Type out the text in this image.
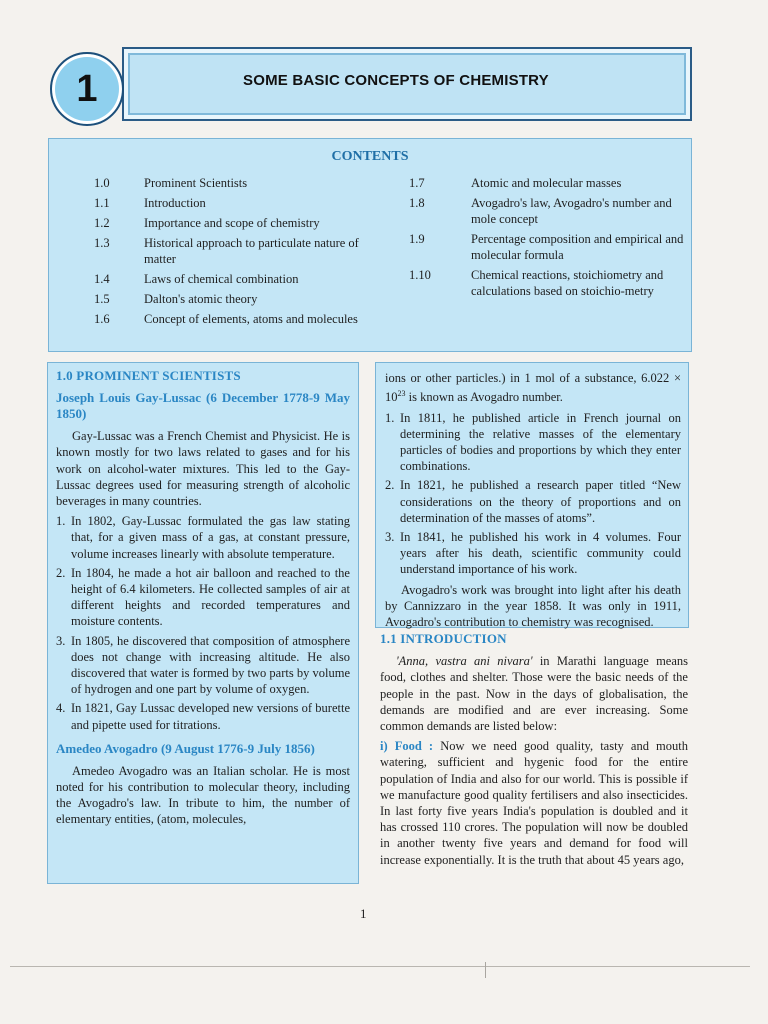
1	SOME BASIC CONCEPTS OF CHEMISTRY
CONTENTS
1.0	Prominent Scientists
1.1	Introduction
1.2	Importance and scope of chemistry
1.3	Historical approach to particulate nature of matter
1.4	Laws of chemical combination
1.5	Dalton's atomic theory
1.6	Concept of elements, atoms and molecules
1.7	Atomic and molecular masses
1.8	Avogadro's law, Avogadro's number and mole concept
1.9	Percentage composition and empirical and molecular formula
1.10	Chemical reactions, stoichiometry and calculations based on stoichio-metry
1.0 PROMINENT SCIENTISTS
Joseph Louis Gay-Lussac (6 December 1778-9 May 1850)

Gay-Lussac was a French Chemist and Physicist. He is known mostly for two laws related to gases and for his work on alcohol-water mixtures. This led to the Gay-Lussac degrees used for measuring strength of alcoholic beverages in many countries.

1. In 1802, Gay-Lussac formulated the gas law stating that, for a given mass of a gas, at constant pressure, volume increases linearly with absolute temperature.
2. In 1804, he made a hot air balloon and reached to the height of 6.4 kilometers. He collected samples of air at different heights and recorded temperatures and moisture contents.
3. In 1805, he discovered that composition of atmosphere does not change with increasing altitude. He also discovered that water is formed by two parts by volume of hydrogen and one part by volume of oxygen.
4. In 1821, Gay Lussac developed new versions of burette and pipette used for titrations.
Amedeo Avogadro (9 August 1776-9 July 1856)

Amedeo Avogadro was an Italian scholar. He is most noted for his contribution to molecular theory, including the Avogadro's law. In tribute to him, the number of elementary entities, (atom, molecules,

ions or other particles.) in 1 mol of a substance, $6.022 \times 10^{23}$ is known as Avogadro number.

1. In 1811, he published article in French journal on determining the relative masses of the elementary particles of bodies and proportions by which they enter combinations.
2. In 1821, he published a research paper titled “New considerations on the theory of proportions and on determination of the masses of atoms”.
3. In 1841, he published his work in 4 volumes. Four years after his death, scientific community could understand importance of his work.

Avogadro's work was brought into light after his death by Cannizzaro in the year 1858. It was only in 1911, Avogadro's contribution to chemistry was recognised.

1.1 INTRODUCTION

'Anna, vastra ani nivara' in Marathi language means food, clothes and shelter. Those were the basic needs of the people in the past. Now in the days of globalisation, the demands are modified and are ever increasing. Some common demands are listed below:

i) Food : Now we need good quality, tasty and mouth watering, sufficient and hygenic food for the entire population of India and also for our world. This is possible if we manufacture good quality fertilisers and also insecticides. In last forty five years India's population is doubled and it has crossed 110 crores. The population will now be doubled in another twenty five years and demand for food will increase exponentially. It is the truth that about 45 years ago,

1
